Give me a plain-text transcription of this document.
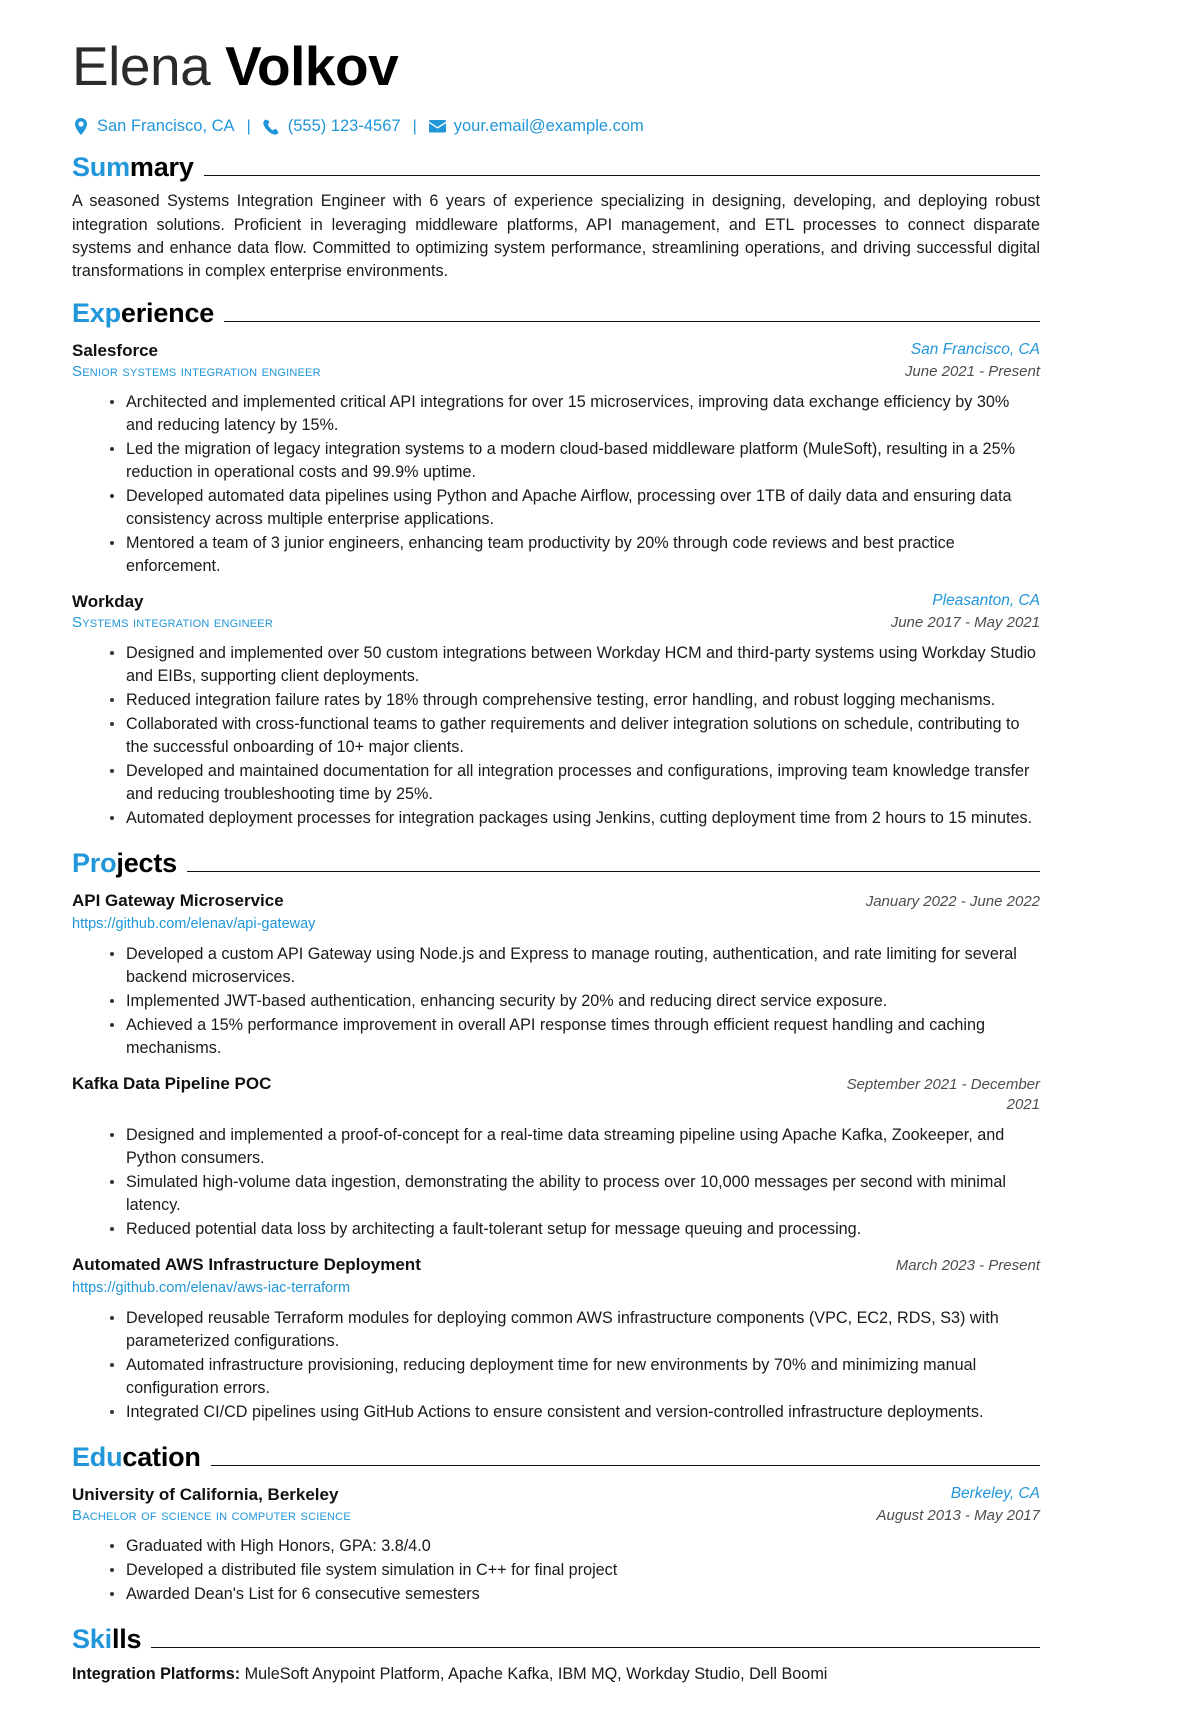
Elena Volkov
San Francisco, CA | (555) 123-4567 | your.email@example.com
Summary

A seasoned Systems Integration Engineer with 6 years of experience specializing in designing, developing, and deploying robust integration solutions. Proficient in leveraging middleware platforms, API management, and ETL processes to connect disparate systems and enhance data flow. Committed to optimizing system performance, streamlining operations, and driving successful digital transformations in complex enterprise environments.

Experience
Salesforce
Senior systems integration engineer
San Francisco, CA
June 2021 - Present
Architected and implemented critical API integrations for over 15 microservices, improving data exchange efficiency by 30% and reducing latency by 15%.
Led the migration of legacy integration systems to a modern cloud-based middleware platform (MuleSoft), resulting in a 25% reduction in operational costs and 99.9% uptime.
Developed automated data pipelines using Python and Apache Airflow, processing over 1TB of daily data and ensuring data consistency across multiple enterprise applications.
Mentored a team of 3 junior engineers, enhancing team productivity by 20% through code reviews and best practice enforcement.
Workday
Systems integration engineer
Pleasanton, CA
June 2017 - May 2021
Designed and implemented over 50 custom integrations between Workday HCM and third-party systems using Workday Studio and EIBs, supporting client deployments.
Reduced integration failure rates by 18% through comprehensive testing, error handling, and robust logging mechanisms.
Collaborated with cross-functional teams to gather requirements and deliver integration solutions on schedule, contributing to the successful onboarding of 10+ major clients.
Developed and maintained documentation for all integration processes and configurations, improving team knowledge transfer and reducing troubleshooting time by 25%.
Automated deployment processes for integration packages using Jenkins, cutting deployment time from 2 hours to 15 minutes.
Projects
API Gateway Microservice
https://github.com/elenav/api-gateway
January 2022 - June 2022
Developed a custom API Gateway using Node.js and Express to manage routing, authentication, and rate limiting for several backend microservices.
Implemented JWT-based authentication, enhancing security by 20% and reducing direct service exposure.
Achieved a 15% performance improvement in overall API response times through efficient request handling and caching mechanisms.
Kafka Data Pipeline POC	September 2021 - December 2021
Designed and implemented a proof-of-concept for a real-time data streaming pipeline using Apache Kafka, Zookeeper, and Python consumers.
Simulated high-volume data ingestion, demonstrating the ability to process over 10,000 messages per second with minimal latency.
Reduced potential data loss by architecting a fault-tolerant setup for message queuing and processing.
Automated AWS Infrastructure Deployment
https://github.com/elenav/aws-iac-terraform
March 2023 - Present
Developed reusable Terraform modules for deploying common AWS infrastructure components (VPC, EC2, RDS, S3) with parameterized configurations.
Automated infrastructure provisioning, reducing deployment time for new environments by 70% and minimizing manual configuration errors.
Integrated CI/CD pipelines using GitHub Actions to ensure consistent and version-controlled infrastructure deployments.
Education
University of California, Berkeley
Bachelor of science in computer science
Berkeley, CA
August 2013 - May 2017
Graduated with High Honors, GPA: 3.8/4.0
Developed a distributed file system simulation in C++ for final project
Awarded Dean's List for 6 consecutive semesters
Skills
Integration Platforms: MuleSoft Anypoint Platform, Apache Kafka, IBM MQ, Workday Studio, Dell Boomi
